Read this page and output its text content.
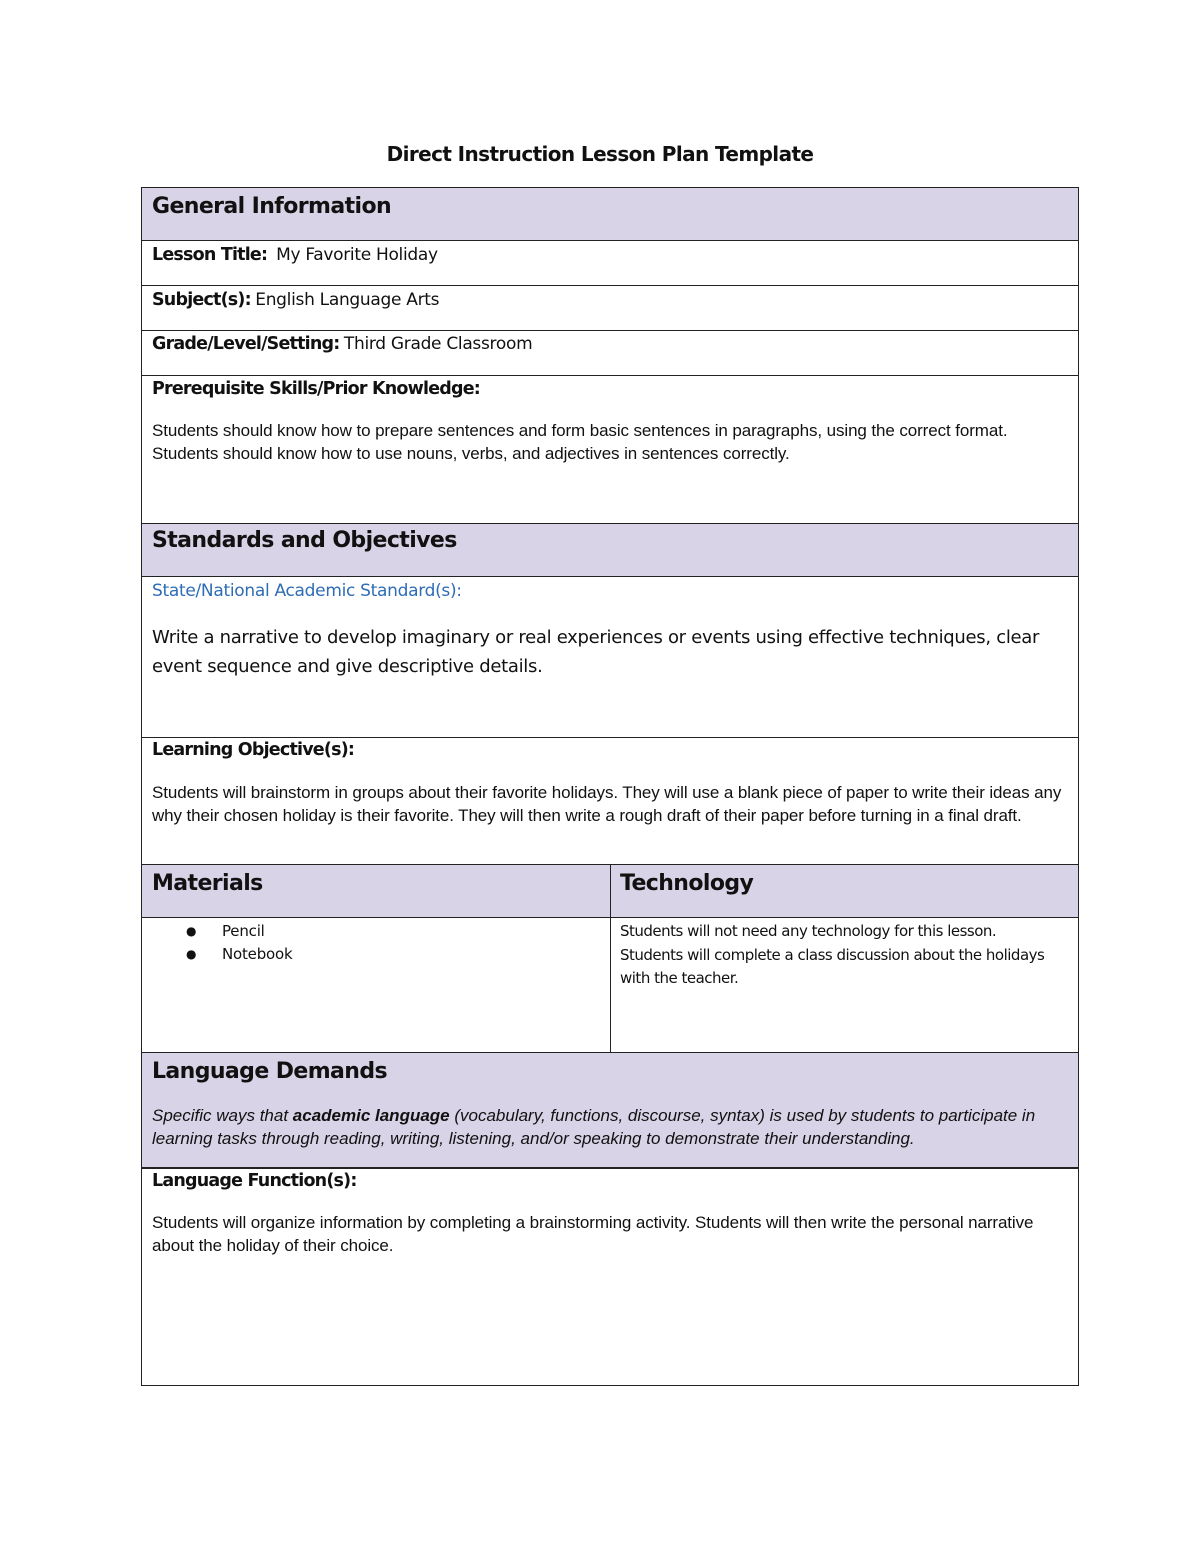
Direct Instruction Lesson Plan Template
General Information
Lesson Title: My Favorite Holiday
Subject(s): English Language Arts
Grade/Level/Setting: Third Grade Classroom
Prerequisite Skills/Prior Knowledge:
Students should know how to prepare sentences and form basic sentences in paragraphs, using the correct format. Students should know how to use nouns, verbs, and adjectives in sentences correctly.
Standards and Objectives
State/National Academic Standard(s):
Write a narrative to develop imaginary or real experiences or events using effective techniques, clear event sequence and give descriptive details.
Learning Objective(s):
Students will brainstorm in groups about their favorite holidays. They will use a blank piece of paper to write their ideas any why their chosen holiday is their favorite. They will then write a rough draft of their paper before turning in a final draft.
Materials	Technology
● Pencil
● Notebook
Students will not need any technology for this lesson. Students will complete a class discussion about the holidays with the teacher.
Language Demands
Specific ways that academic language (vocabulary, functions, discourse, syntax) is used by students to participate in learning tasks through reading, writing, listening, and/or speaking to demonstrate their understanding.
Language Function(s):
Students will organize information by completing a brainstorming activity. Students will then write the personal narrative about the holiday of their choice.
